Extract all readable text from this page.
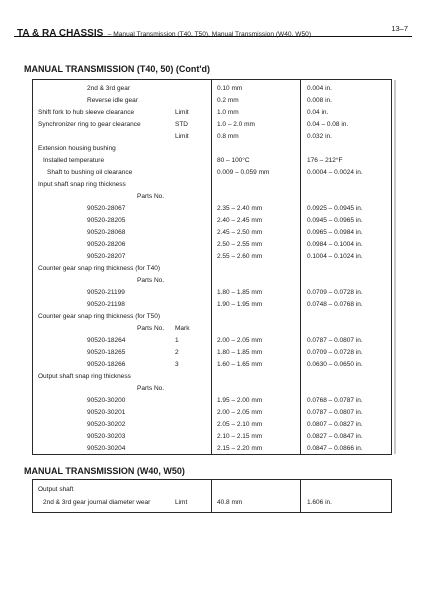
TA & RA CHASSIS – Manual Transmission (T40, T50), Manual Transmission (W40, W50)
13–7
MANUAL TRANSMISSION (T40, 50) (Cont'd)
2nd & 3rd gear	0.10 mm	0.004 in.
Reverse idle gear	0.2 mm	0.008 in.
Shift fork to hub sleeve clearance	Limit	1.0 mm	0.04 in.
Synchronizer ring to gear clearance	STD	1.0 – 2.0 mm	0.04 – 0.08 in.
Limit	0.8 mm	0.032 in.
Extension housing bushing
Installed temperature	80 – 100°C	176 – 212°F
Shaft to bushing oil clearance	0.009 – 0.059 mm	0.0004 – 0.0024 in.
Input shaft snap ring thickness
Parts No.
90520-28067	2.35 – 2.40 mm	0.0925 – 0.0945 in.
90520-28205	2.40 – 2.45 mm	0.0945 – 0.0965 in.
90520-28068	2.45 – 2.50 mm	0.0965 – 0.0984 in.
90520-28206	2.50 – 2.55 mm	0.0984 – 0.1004 in.
90520-28207	2.55 – 2.60 mm	0.1004 – 0.1024 in.
Counter gear snap ring thickness (for T40)
Parts No.
90520-21199	1.80 – 1.85 mm	0.0709 – 0.0728 in.
90520-21198	1.90 – 1.95 mm	0.0748 – 0.0768 in.
Counter gear snap ring thickness (for T50)
Parts No. Mark
90520-18264	1	2.00 – 2.05 mm	0.0787 – 0.0807 in.
90520-18265	2	1.80 – 1.85 mm	0.0709 – 0.0728 in.
90520-18266	3	1.60 – 1.65 mm	0.0630 – 0.0650 in.
Output shaft snap ring thickness
Parts No.
90520-30200	1.95 – 2.00 mm	0.0768 – 0.0787 in.
90520-30201	2.00 – 2.05 mm	0.0787 – 0.0807 in.
90520-30202	2.05 – 2.10 mm	0.0807 – 0.0827 in.
90520-30203	2.10 – 2.15 mm	0.0827 – 0.0847 in.
90520-30204	2.15 – 2.20 mm	0.0847 – 0.0866 in.
MANUAL TRANSMISSION (W40, W50)
Output shaft
2nd & 3rd gear journal diameter wear	Limt	40.8 mm	1.606 in.
